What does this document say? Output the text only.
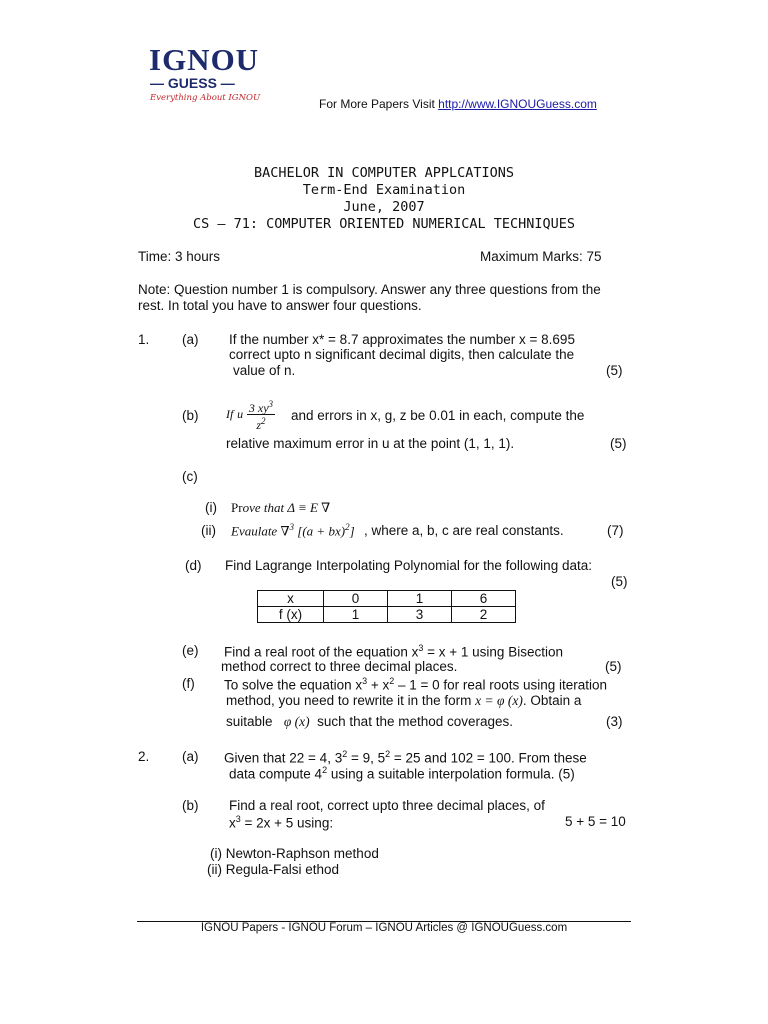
IGNOU
— GUESS —
Everything About IGNOU	For More Papers Visit http://www.IGNOUGuess.com
BACHELOR IN COMPUTER APPLCATIONS
Term-End Examination
June, 2007
CS – 71: COMPUTER ORIENTED NUMERICAL TECHNIQUES
Time: 3 hours	Maximum Marks: 75
Note: Question number 1 is compulsory. Answer any three questions from the
rest. In total you have to answer four questions.
1. (a) If the number x* = 8.7 approximates the number x = 8.695
correct upto n significant decimal digits, then calculate the
value of n.	(5)
(b) If u $\frac{3 xy^3}{z^2}$ and errors in x, g, z be 0.01 in each, compute the
relative maximum error in u at the point (1, 1, 1).	(5)
(c)
(i) Prove that Δ ≡ E ∇
(ii) Evaulate ∇$^3$ [(a + bx)$^2$] , where a, b, c are real constants.	(7)
(d) Find Lagrange Interpolating Polynomial for the following data:
(5)
x	0	1	6
f (x)	1	3	2
(e) Find a real root of the equation $x^3 = x + 1$ using Bisection
method correct to three decimal places.	(5)
(f) To solve the equation $x^3 + x^2 - 1 = 0$ for real roots using iteration
method, you need to rewrite it in the form x = φ (x). Obtain a
suitable φ (x) such that the method coverages.	(3)
2. (a) Given that 22 = 4, $3^2 = 9$, $5^2 = 25$ and 102 = 100. From these
data compute $4^2$ using a suitable interpolation formula. (5)
(b) Find a real root, correct upto three decimal places, of
$x^3 = 2x + 5$ using:	5 + 5 = 10
(i) Newton-Raphson method
(ii) Regula-Falsi ethod
IGNOU Papers - IGNOU Forum – IGNOU Articles @ IGNOUGuess.com
